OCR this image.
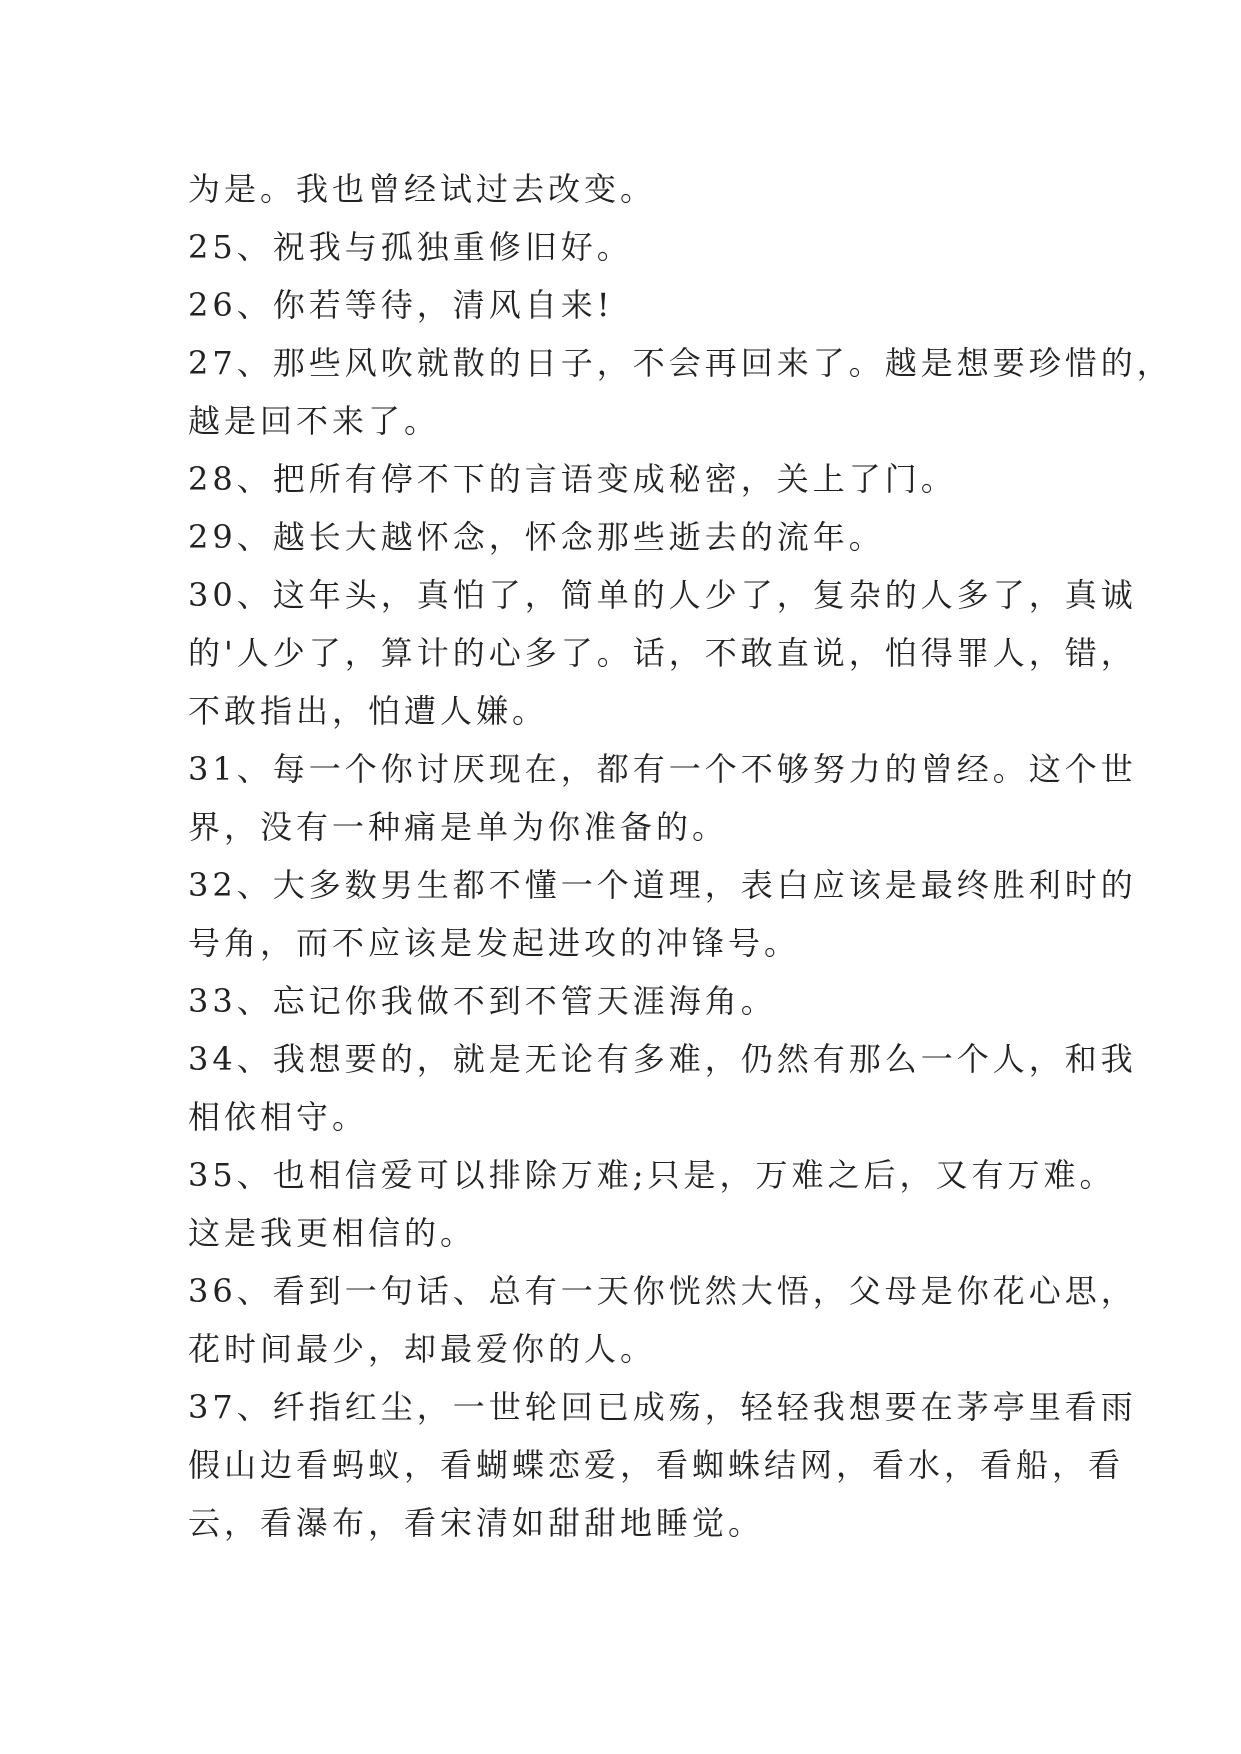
为是。我也曾经试过去改变。
25、祝我与孤独重修旧好。
26、你若等待，清风自来!
27、那些风吹就散的日子，不会再回来了。越是想要珍惜的，
越是回不来了。
28、把所有停不下的言语变成秘密，关上了门。
29、越长大越怀念，怀念那些逝去的流年。
30、这年头，真怕了，简单的人少了，复杂的人多了，真诚
的'人少了，算计的心多了。话，不敢直说，怕得罪人，错，
不敢指出，怕遭人嫌。
31、每一个你讨厌现在，都有一个不够努力的曾经。这个世
界，没有一种痛是单为你准备的。
32、大多数男生都不懂一个道理，表白应该是最终胜利时的
号角，而不应该是发起进攻的冲锋号。
33、忘记你我做不到不管天涯海角。
34、我想要的，就是无论有多难，仍然有那么一个人，和我
相依相守。
35、也相信爱可以排除万难;只是，万难之后，又有万难。
这是我更相信的。
36、看到一句话、总有一天你恍然大悟，父母是你花心思，
花时间最少，却最爱你的人。
37、纤指红尘，一世轮回已成殇，轻轻我想要在茅亭里看雨
假山边看蚂蚁，看蝴蝶恋爱，看蜘蛛结网，看水，看船，看
云，看瀑布，看宋清如甜甜地睡觉。
